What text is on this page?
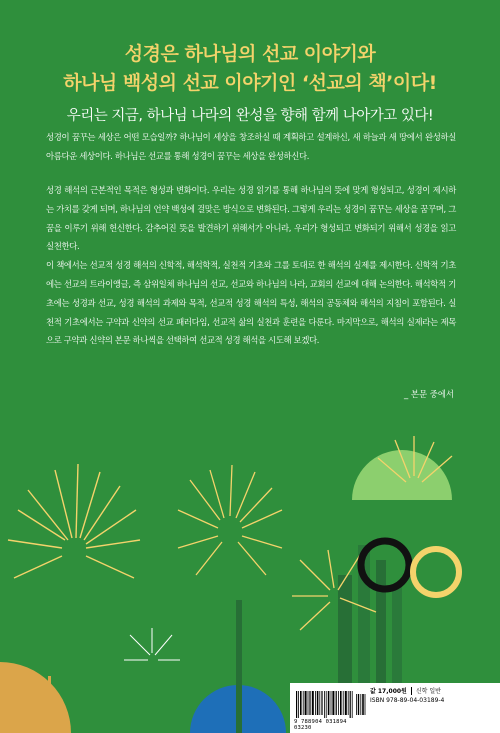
성경은 하나님의 선교 이야기와
하나님 백성의 선교 이야기인 ‘선교의 책’이다!
우리는 지금, 하나님 나라의 완성을 향해 함께 나아가고 있다!

성경이 꿈꾸는 세상은 어떤 모습일까? 하나님이 세상을 창조하실 때 계획하고 설계하신, 새 하늘과 새 땅에서 완성하실 아름다운 세상이다. 하나님은 선교를 통해 성경이 꿈꾸는 세상을 완성하신다.

성경 해석의 근본적인 목적은 형성과 변화이다. 우리는 성경 읽기를 통해 하나님의 뜻에 맞게 형성되고, 성경이 제시하는 가치를 갖게 되며, 하나님의 언약 백성에 걸맞은 방식으로 변화된다. 그렇게 우리는 성경이 꿈꾸는 세상을 꿈꾸며, 그 꿈을 이루기 위해 헌신한다. 감추어진 뜻을 발견하기 위해서가 아니라, 우리가 형성되고 변화되기 위해서 성경을 읽고 실천한다.

이 책에서는 선교적 성경 해석의 신학적, 해석학적, 실천적 기초와 그를 토대로 한 해석의 실제를 제시한다. 신학적 기초에는 선교의 트라이앵글, 즉 삼위일체 하나님의 선교, 선교와 하나님의 나라, 교회의 선교에 대해 논의한다. 해석학적 기초에는 성경과 선교, 성경 해석의 과제와 목적, 선교적 성경 해석의 특성, 해석의 공동체와 해석의 지침이 포함된다. 실천적 기초에서는 구약과 신약의 선교 패러다임, 선교적 삶의 실천과 훈련을 다룬다. 마지막으로, 해석의 실제라는 제목으로 구약과 신약의 본문 하나씩을 선택하여 선교적 성경 해석을 시도해 보겠다.

_ 본문 중에서
9 788904 031894 03230
값 17,000원 신학 일반
ISBN 978-89-04-03189-4
